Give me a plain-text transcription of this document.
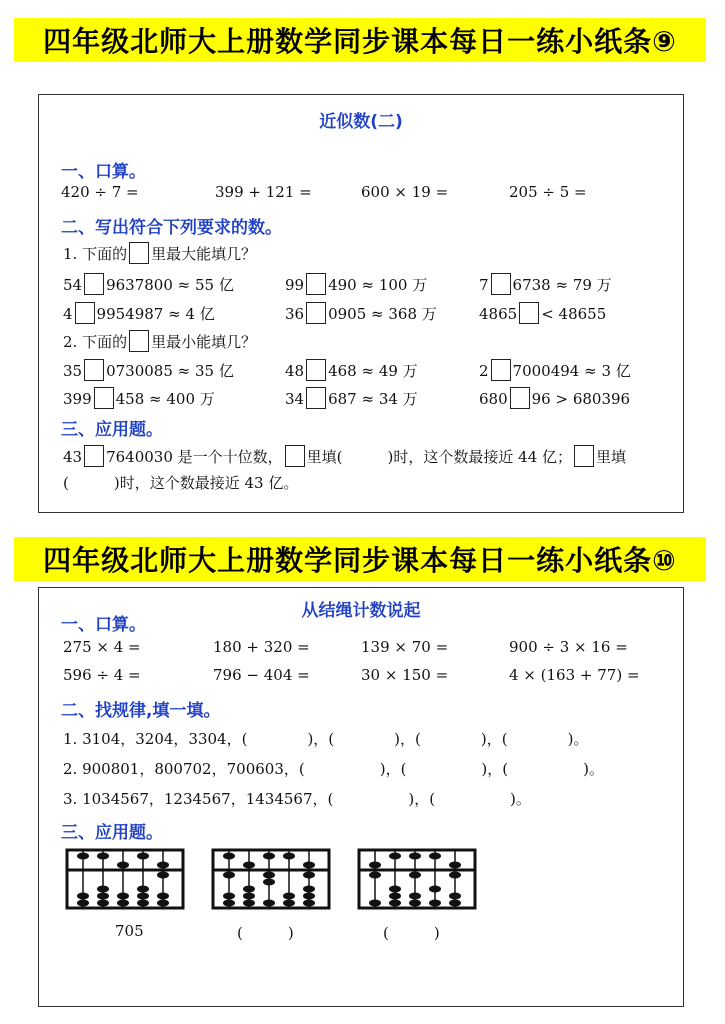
四年级北师大上册数学同步课本每日一练小纸条⑨
近似数(二)
一、口算。
420 ÷ 7 =	399 + 121 =	600 × 19 =	205 ÷ 5 =
二、写出符合下列要求的数。
1. 下面的 里最大能填几？
54 9637800 ≈ 55 亿	99 490 ≈ 100 万	7 6738 ≈ 79 万
4 9954987 ≈ 4 亿	36 0905 ≈ 368 万	4865 < 48655
2. 下面的 里最小能填几？
35 0730085 ≈ 35 亿	48 468 ≈ 49 万	2 7000494 ≈ 3 亿
399 458 ≈ 400 万	34 687 ≈ 34 万	680 96 > 680396
三、应用题。
43 7640030 是一个十位数， 里填(　　　)时，这个数最接近 44 亿； 里填
(　　　)时，这个数最接近 43 亿。
四年级北师大上册数学同步课本每日一练小纸条⑩
从结绳计数说起
一、口算。
275 × 4 =	180 + 320 =	139 × 70 =	900 ÷ 3 × 16 =
596 ÷ 4 =	796 − 404 =	30 × 150 =	4 × (163 + 77) =
二、找规律,填一填。
1. 3104，3204，3304，(　　　　)，(　　　　)，(　　　　)，(　　　　)。
2. 900801，800702，700603，(　　　　　)，(　　　　　)，(　　　　　)。
3. 1034567，1234567，1434567，(　　　　　)，(　　　　　)。
三、应用题。
705	(　　　)	(　　　)
